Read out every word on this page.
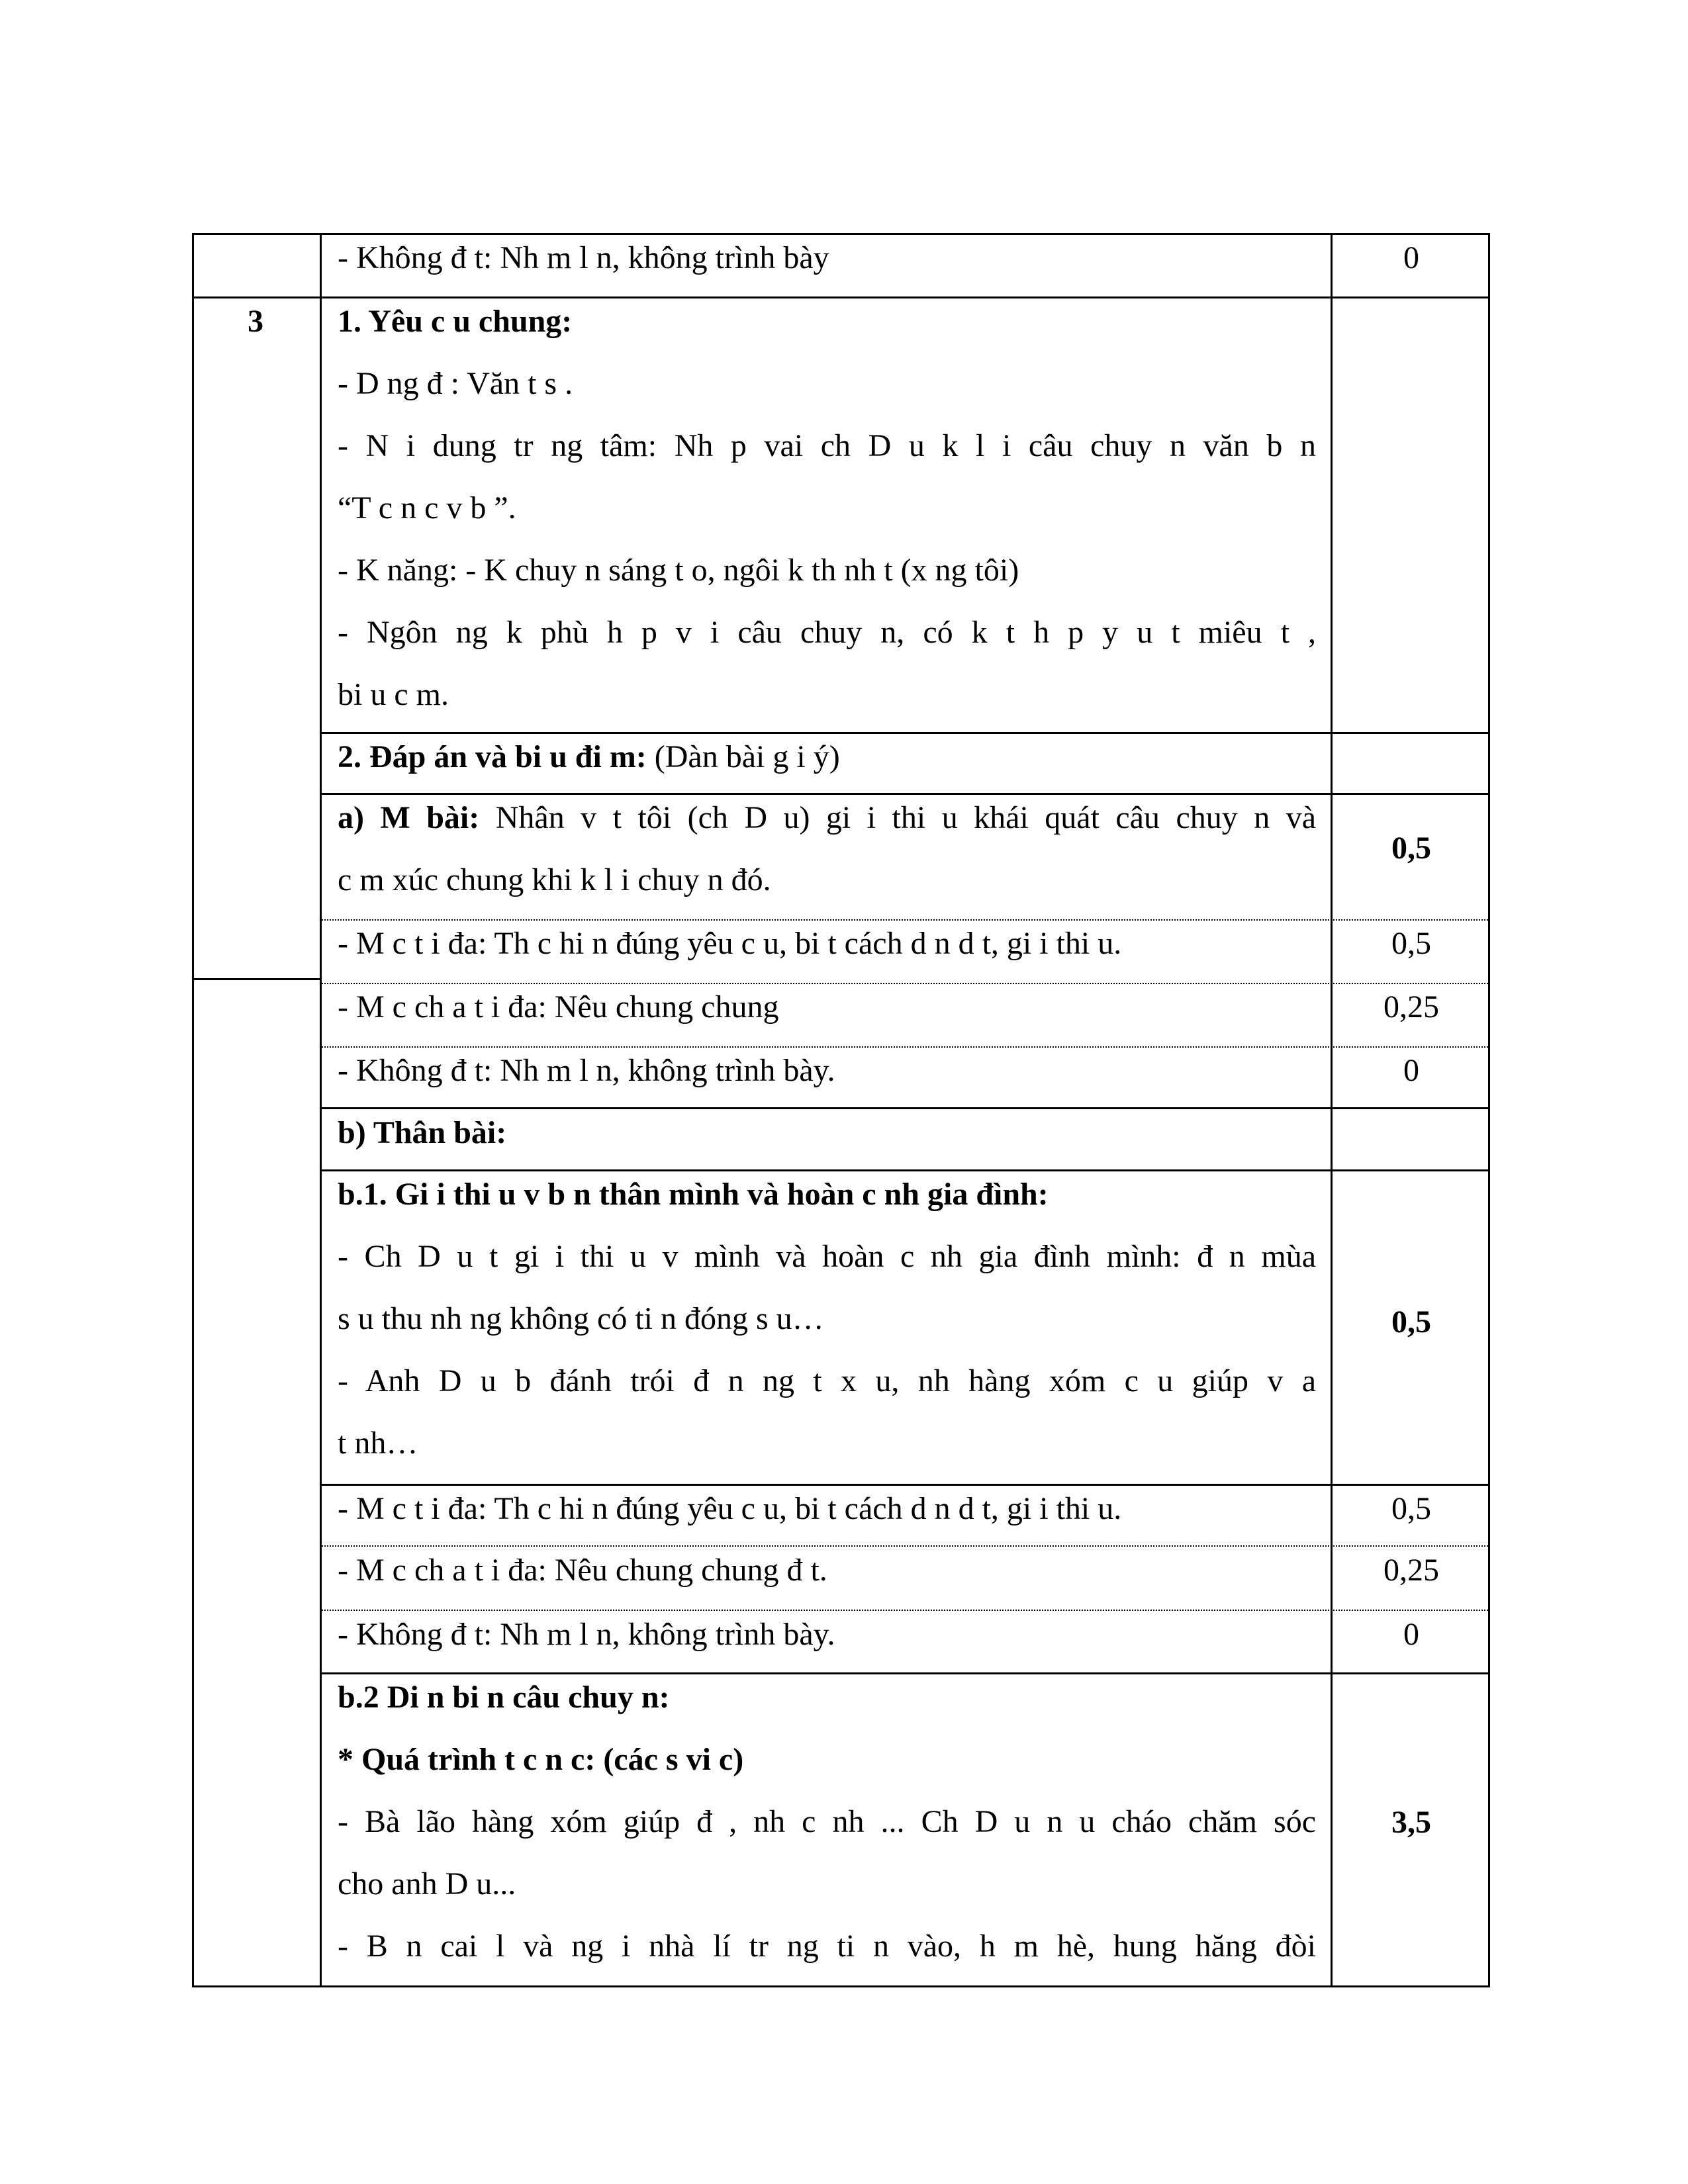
- Không đ t: Nh m l n, không trình bày	0
3	1. Yêu c u chung:
- D ng đ : Văn t s .
- N i dung tr ng tâm: Nh p vai ch D u k l i câu chuy n văn b n
“T c n c v b ”.
- K năng: - K chuy n sáng t o, ngôi k th nh t (x ng tôi)
- Ngôn ng k phù h p v i câu chuy n, có k t h p y u t miêu t ,
bi u c m.
2. Đáp án và bi u đi m: (Dàn bài g i ý)
a) M bài: Nhân v t tôi (ch D u) gi i thi u khái quát câu chuy n và
c m xúc chung khi k l i chuy n đó.
0,5
- M c t i đa: Th c hi n đúng yêu c u, bi t cách d n d t, gi i thi u.	0,5
- M c ch a t i đa: Nêu chung chung	0,25
- Không đ t: Nh m l n, không trình bày.	0
b) Thân bài:
b.1. Gi i thi u v b n thân mình và hoàn c nh gia đình:
- Ch D u t gi i thi u v mình và hoàn c nh gia đình mình: đ n mùa
s u thu nh ng không có ti n đóng s u…
- Anh D u b đánh trói đ n ng t x u, nh hàng xóm c u giúp v a
t nh…
0,5
- M c t i đa: Th c hi n đúng yêu c u, bi t cách d n d t, gi i thi u.	0,5
- M c ch a t i đa: Nêu chung chung đ t.	0,25
- Không đ t: Nh m l n, không trình bày.	0
b.2 Di n bi n câu chuy n:
* Quá trình t c n c: (các s vi c)
- Bà lão hàng xóm giúp đ , nh c nh ... Ch D u n u cháo chăm sóc
cho anh D u...
- B n cai l và ng i nhà lí tr ng ti n vào, h m hè, hung hăng đòi
3,5
